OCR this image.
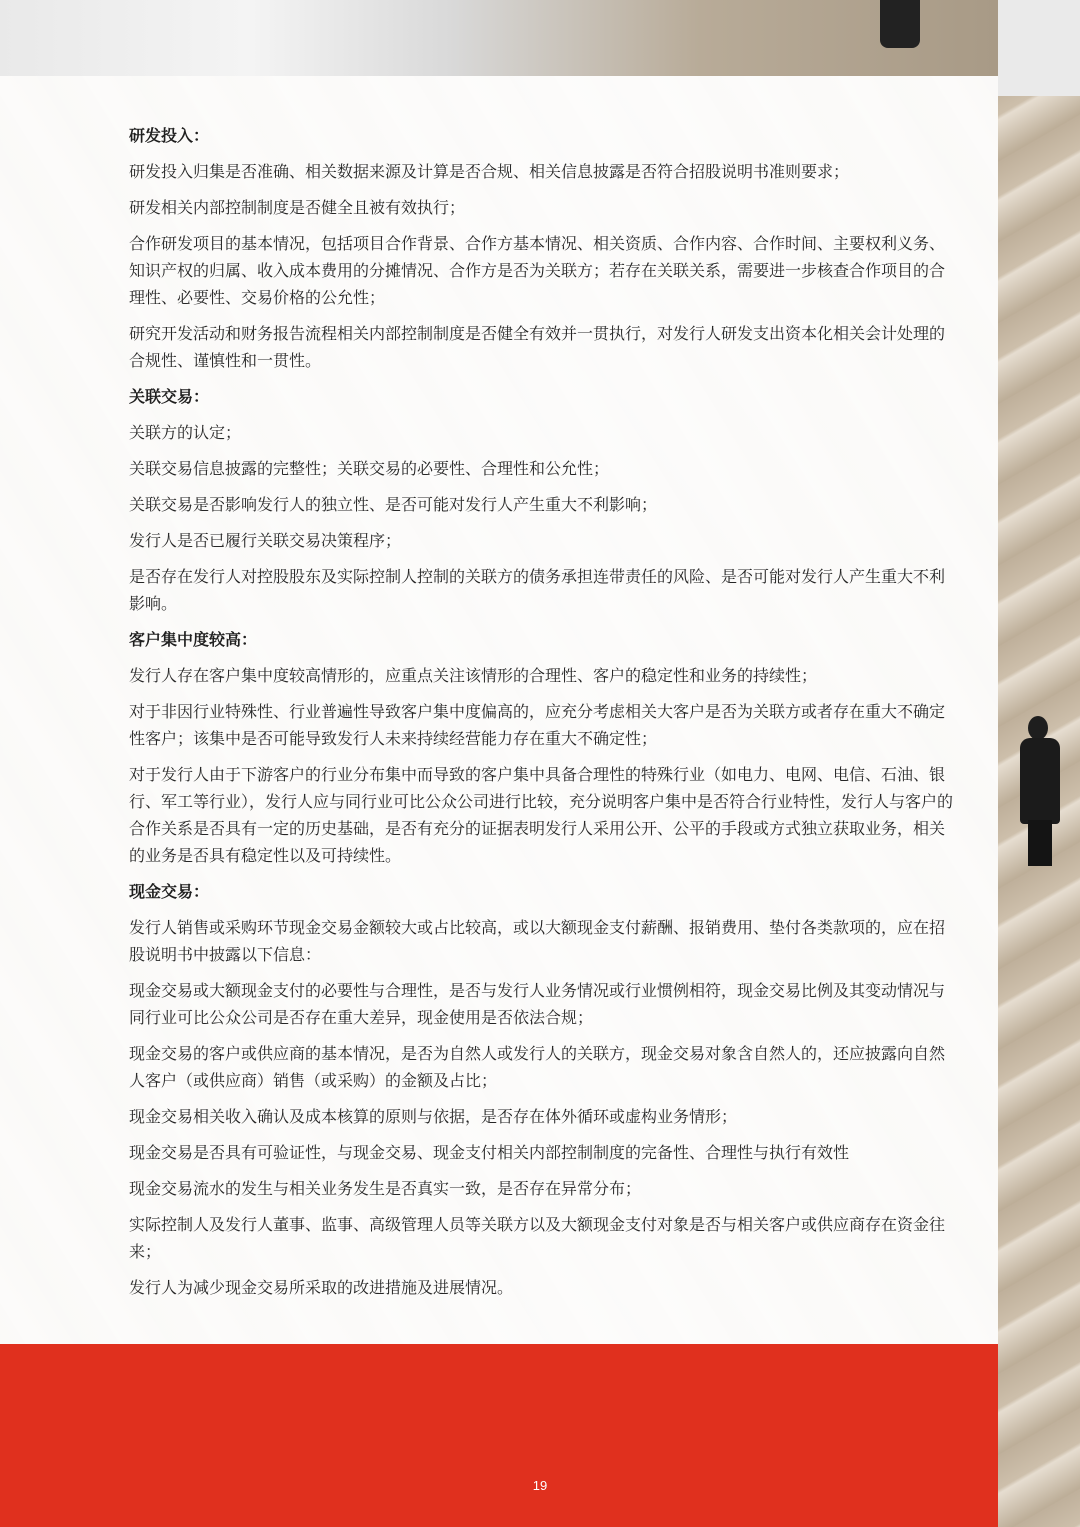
研发投入：
研发投入归集是否准确、相关数据来源及计算是否合规、相关信息披露是否符合招股说明书准则要求；
研发相关内部控制制度是否健全且被有效执行；
合作研发项目的基本情况，包括项目合作背景、合作方基本情况、相关资质、合作内容、合作时间、主要权利义务、知识产权的归属、收入成本费用的分摊情况、合作方是否为关联方；若存在关联关系，需要进一步核查合作项目的合理性、必要性、交易价格的公允性；
研究开发活动和财务报告流程相关内部控制制度是否健全有效并一贯执行，对发行人研发支出资本化相关会计处理的合规性、谨慎性和一贯性。
关联交易：
关联方的认定；
关联交易信息披露的完整性；关联交易的必要性、合理性和公允性；
关联交易是否影响发行人的独立性、是否可能对发行人产生重大不利影响；
发行人是否已履行关联交易决策程序；
是否存在发行人对控股股东及实际控制人控制的关联方的债务承担连带责任的风险、是否可能对发行人产生重大不利影响。
客户集中度较高：
发行人存在客户集中度较高情形的，应重点关注该情形的合理性、客户的稳定性和业务的持续性；
对于非因行业特殊性、行业普遍性导致客户集中度偏高的，应充分考虑相关大客户是否为关联方或者存在重大不确定性客户；该集中是否可能导致发行人未来持续经营能力存在重大不确定性；
对于发行人由于下游客户的行业分布集中而导致的客户集中具备合理性的特殊行业（如电力、电网、电信、石油、银行、军工等行业），发行人应与同行业可比公众公司进行比较，充分说明客户集中是否符合行业特性，发行人与客户的合作关系是否具有一定的历史基础，是否有充分的证据表明发行人采用公开、公平的手段或方式独立获取业务，相关的业务是否具有稳定性以及可持续性。
现金交易：
发行人销售或采购环节现金交易金额较大或占比较高，或以大额现金支付薪酬、报销费用、垫付各类款项的，应在招股说明书中披露以下信息：
现金交易或大额现金支付的必要性与合理性，是否与发行人业务情况或行业惯例相符，现金交易比例及其变动情况与同行业可比公众公司是否存在重大差异，现金使用是否依法合规；
现金交易的客户或供应商的基本情况，是否为自然人或发行人的关联方，现金交易对象含自然人的，还应披露向自然人客户（或供应商）销售（或采购）的金额及占比；
现金交易相关收入确认及成本核算的原则与依据，是否存在体外循环或虚构业务情形；
现金交易是否具有可验证性，与现金交易、现金支付相关内部控制制度的完备性、合理性与执行有效性
现金交易流水的发生与相关业务发生是否真实一致，是否存在异常分布；
实际控制人及发行人董事、监事、高级管理人员等关联方以及大额现金支付对象是否与相关客户或供应商存在资金往来；
发行人为减少现金交易所采取的改进措施及进展情况。
19
